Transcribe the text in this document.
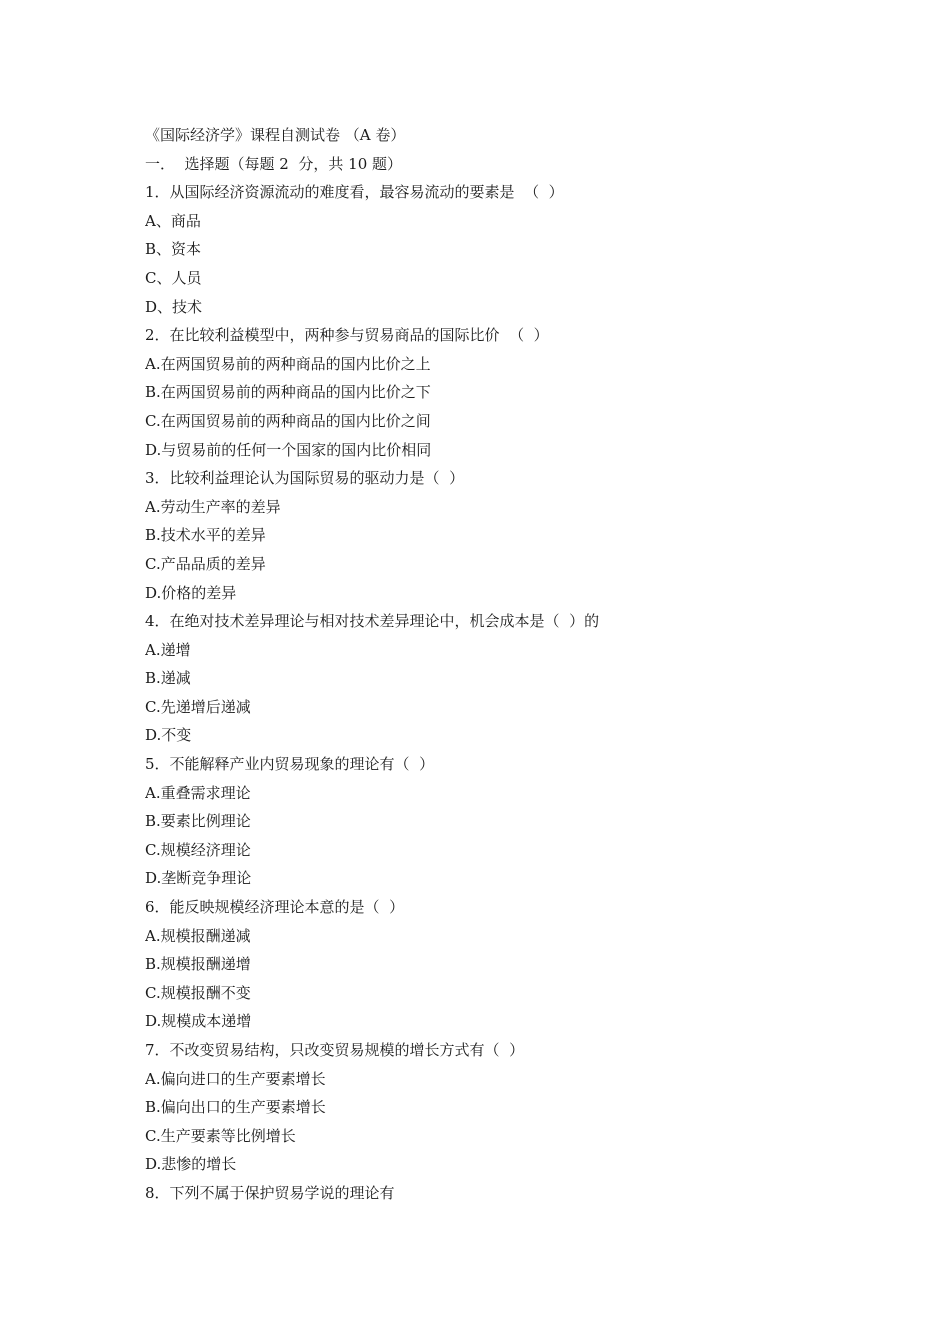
《国际经济学》课程自测试卷 （A 卷）
一．  选择题（每题 2  分，共 10 题）
1．从国际经济资源流动的难度看，最容易流动的要素是  （  ）
A、商品
B、资本
C、人员
D、技术
2．在比较利益模型中，两种参与贸易商品的国际比价  （  ）
A.在两国贸易前的两种商品的国内比价之上
B.在两国贸易前的两种商品的国内比价之下
C.在两国贸易前的两种商品的国内比价之间
D.与贸易前的任何一个国家的国内比价相同
3．比较利益理论认为国际贸易的驱动力是（  ）
A.劳动生产率的差异
B.技术水平的差异
C.产品品质的差异
D.价格的差异
4．在绝对技术差异理论与相对技术差异理论中，机会成本是（  ）的
A.递增
B.递减
C.先递增后递减
D.不变
5．不能解释产业内贸易现象的理论有（  ）
A.重叠需求理论
B.要素比例理论
C.规模经济理论
D.垄断竞争理论
6．能反映规模经济理论本意的是（  ）
A.规模报酬递减
B.规模报酬递增
C.规模报酬不变
D.规模成本递增
7．不改变贸易结构，只改变贸易规模的增长方式有（  ）
A.偏向进口的生产要素增长
B.偏向出口的生产要素增长
C.生产要素等比例增长
D.悲惨的增长
8．下列不属于保护贸易学说的理论有
